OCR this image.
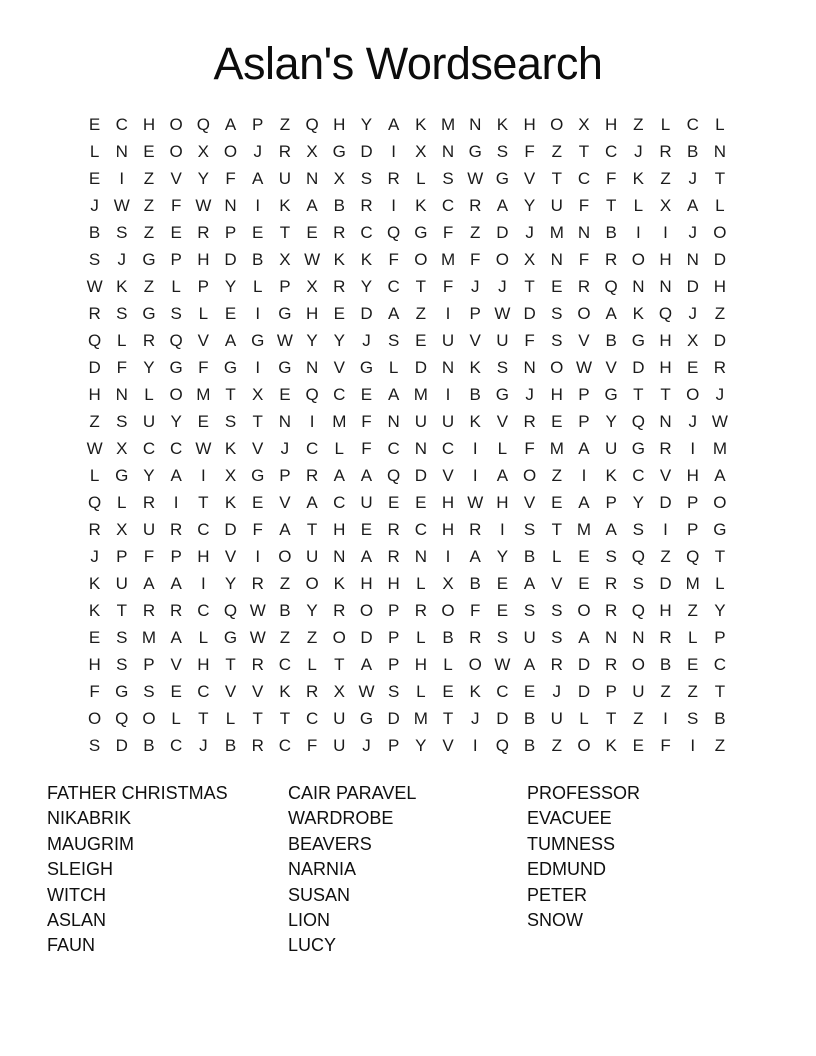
Aslan's Wordsearch
E C H O Q A P Z Q H Y A K M N K H O X H Z	L C L
L N E O X O J R X G D	I	X N G S F Z T C J R B N
E	I	Z V Y F A U N X S R L S W G V T C F K Z	J	T
J W Z F W N	I	K A B R	I	K C R A Y U F T	L X A L
B S Z E R P E T E R C Q G F Z D J M N B	I	I	J O
S	J G P H D B X W K K F O M F O X N F R O H N D
W K Z	L P Y L P X R Y C T F	J	J	T E R Q N N D H
R S G S L E	I	G H E D A Z	I	P W D S O A K Q J	Z
Q L R Q V A G W Y Y	J	S E U V U F S V B G H X D
D F Y G F G	I	G N V G L D N K S N O W V D H E R
H N L O M T X E Q C E A M	I	B G J H P G T T O J
Z S U Y E S T N	I	M F N U U K V R E P Y Q N J W
W X C C W K V	J C L	F C N C	I	L	F M A U G R	I	M
L G Y A	I	X G P R A A Q D V	I	A O Z	I	K C V H A
Q L R	I	T K E V A C U E E H W H V E A P Y D P O
R X U R C D F A T H E R C H R	I	S T M A S	I	P G
J	P F P H V	I	O U N A R N	I	A Y B L E S Q Z Q T
K U A A	I	Y R Z O K H H L X B E A V E R S D M L
K T R R C Q W B Y R O P R O F E S S O R Q H Z Y
E S M A L G W Z Z O D P L B R S U S A N N R L P
H S P V H T R C L	T A P H L O W A R D R O B E C
F G S E C V V K R X W S L E K C E	J D P U Z Z T
O Q O L	T	L	T T C U G D M T	J D B U L	T Z	I	S B
S D B C J	B R C F U J	P Y V	I	Q B Z O K E F	I	Z
FATHER CHRISTMAS
NIKABRIK
MAUGRIM
SLEIGH
WITCH
ASLAN
FAUN
CAIR PARAVEL
WARDROBE
BEAVERS
NARNIA
SUSAN
LION
LUCY
PROFESSOR
EVACUEE
TUMNESS
EDMUND
PETER
SNOW
